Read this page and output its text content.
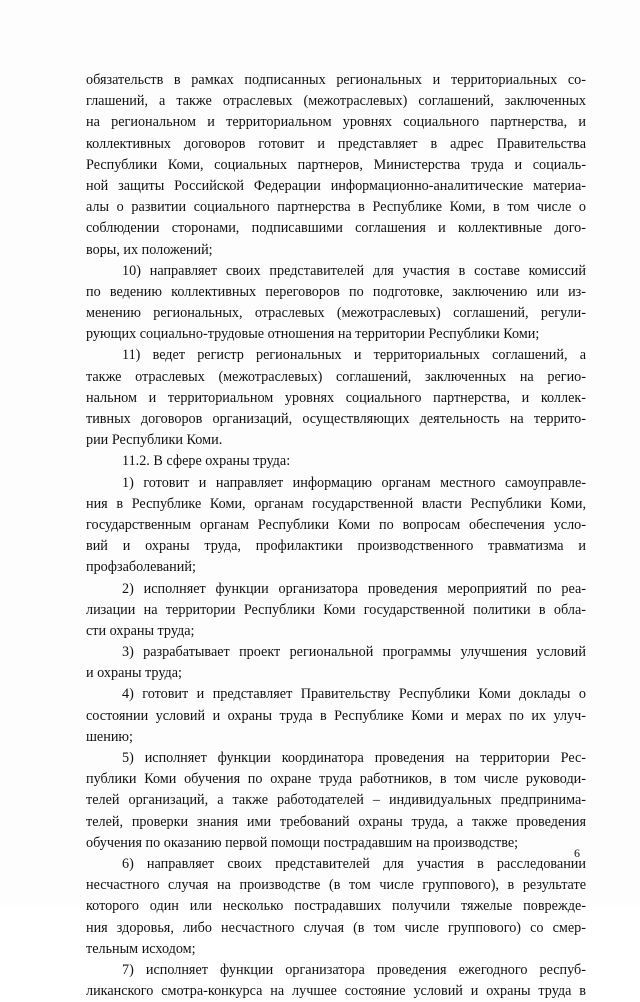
обязательств в рамках подписанных региональных и территориальных со-
глашений, а также отраслевых (межотраслевых) соглашений, заключенных
на региональном и территориальном уровнях социального партнерства, и
коллективных договоров готовит и представляет в адрес Правительства
Республики Коми, социальных партнеров, Министерства труда и социаль-
ной защиты Российской Федерации информационно-аналитические материа-
алы о развитии социального партнерства в Республике Коми, в том числе о
соблюдении сторонами, подписавшими соглашения и коллективные дого-
воры, их положений;
10) направляет своих представителей для участия в составе комиссий
по ведению коллективных переговоров по подготовке, заключению или из-
менению региональных, отраслевых (межотраслевых) соглашений, регули-
рующих социально-трудовые отношения на территории Республики Коми;
11) ведет регистр региональных и территориальных соглашений, а
также отраслевых (межотраслевых) соглашений, заключенных на регио-
нальном и территориальном уровнях социального партнерства, и коллек-
тивных договоров организаций, осуществляющих деятельность на террито-
рии Республики Коми.
11.2. В сфере охраны труда:
1) готовит и направляет информацию органам местного самоуправле-
ния в Республике Коми, органам государственной власти Республики Коми,
государственным органам Республики Коми по вопросам обеспечения усло-
вий и охраны труда, профилактики производственного травматизма и
профзаболеваний;
2) исполняет функции организатора проведения мероприятий по реа-
лизации на территории Республики Коми государственной политики в обла-
сти охраны труда;
3) разрабатывает проект региональной программы улучшения условий
и охраны труда;
4) готовит и представляет Правительству Республики Коми доклады о
состоянии условий и охраны труда в Республике Коми и мерах по их улуч-
шению;
5) исполняет функции координатора проведения на территории Рес-
публики Коми обучения по охране труда работников, в том числе руководи-
телей организаций, а также работодателей – индивидуальных предпринима-
телей, проверки знания ими требований охраны труда, а также проведения
обучения по оказанию первой помощи пострадавшим на производстве;
6) направляет своих представителей для участия в расследовании
несчастного случая на производстве (в том числе группового), в результате
которого один или несколько пострадавших получили тяжелые поврежде-
ния здоровья, либо несчастного случая (в том числе группового) со смер-
тельным исходом;
7) исполняет функции организатора проведения ежегодного респуб-
ликанского смотра-конкурса на лучшее состояние условий и охраны труда в
6
